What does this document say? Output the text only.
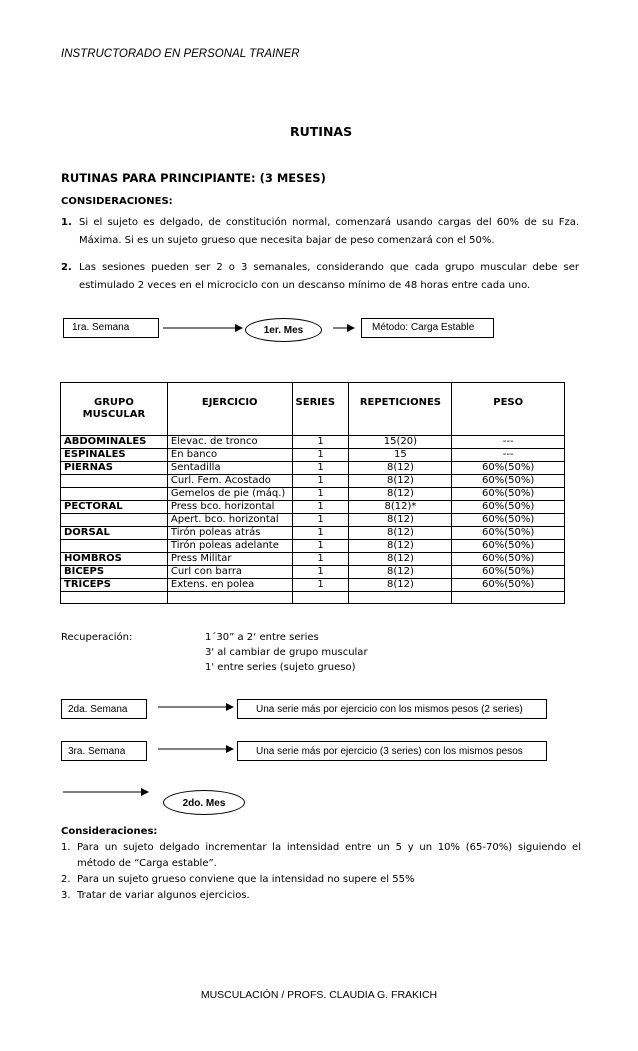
INSTRUCTORADO EN PERSONAL TRAINER
RUTINAS
RUTINAS PARA PRINCIPIANTE: (3 MESES)
CONSIDERACIONES:
1. Si el sujeto es delgado, de constitución normal, comenzará usando cargas del 60% de su Fza. Máxima. Si es un sujeto grueso que necesita bajar de peso comenzará con el 50%.
2. Las sesiones pueden ser 2 o 3 semanales, considerando que cada grupo muscular debe ser estimulado 2 veces en el microciclo con un descanso mínimo de 48 horas entre cada uno.
1ra. Semana	1er. Mes	Método: Carga Estable
GRUPO MUSCULAR	EJERCICIO	SERIES	REPETICIONES	PESO
ABDOMINALES	Elevac. de tronco	1	15(20)	---
ESPINALES	En banco	1	15	---
PIERNAS	Sentadilla	1	8(12)	60%(50%)
	Curl. Fem. Acostado	1	8(12)	60%(50%)
	Gemelos de pie (máq.)	1	8(12)	60%(50%)
PECTORAL	Press bco. horizontal	1	8(12)*	60%(50%)
	Apert. bco. horizontal	1	8(12)	60%(50%)
DORSAL	Tirón poleas atrás	1	8(12)	60%(50%)
	Tirón poleas adelante	1	8(12)	60%(50%)
HOMBROS	Press Militar	1	8(12)	60%(50%)
BÍCEPS	Curl con barra	1	8(12)	60%(50%)
TRÍCEPS	Extens. en polea	1	8(12)	60%(50%)

Recuperación:	1´30” a 2‘ entre series
3' al cambiar de grupo muscular
1' entre series (sujeto grueso)
2da. Semana	Una serie más por ejercicio con los mismos pesos (2 series)
3ra. Semana	Una serie más por ejercicio (3 series) con los mismos pesos
2do. Mes
Consideraciones:
1. Para un sujeto delgado incrementar la intensidad entre un 5 y un 10% (65-70%) siguiendo el método de “Carga estable”.
2. Para un sujeto grueso conviene que la intensidad no supere el 55%
3. Tratar de variar algunos ejercicios.
MUSCULACIÓN / PROFS. CLAUDIA G. FRAKICH
